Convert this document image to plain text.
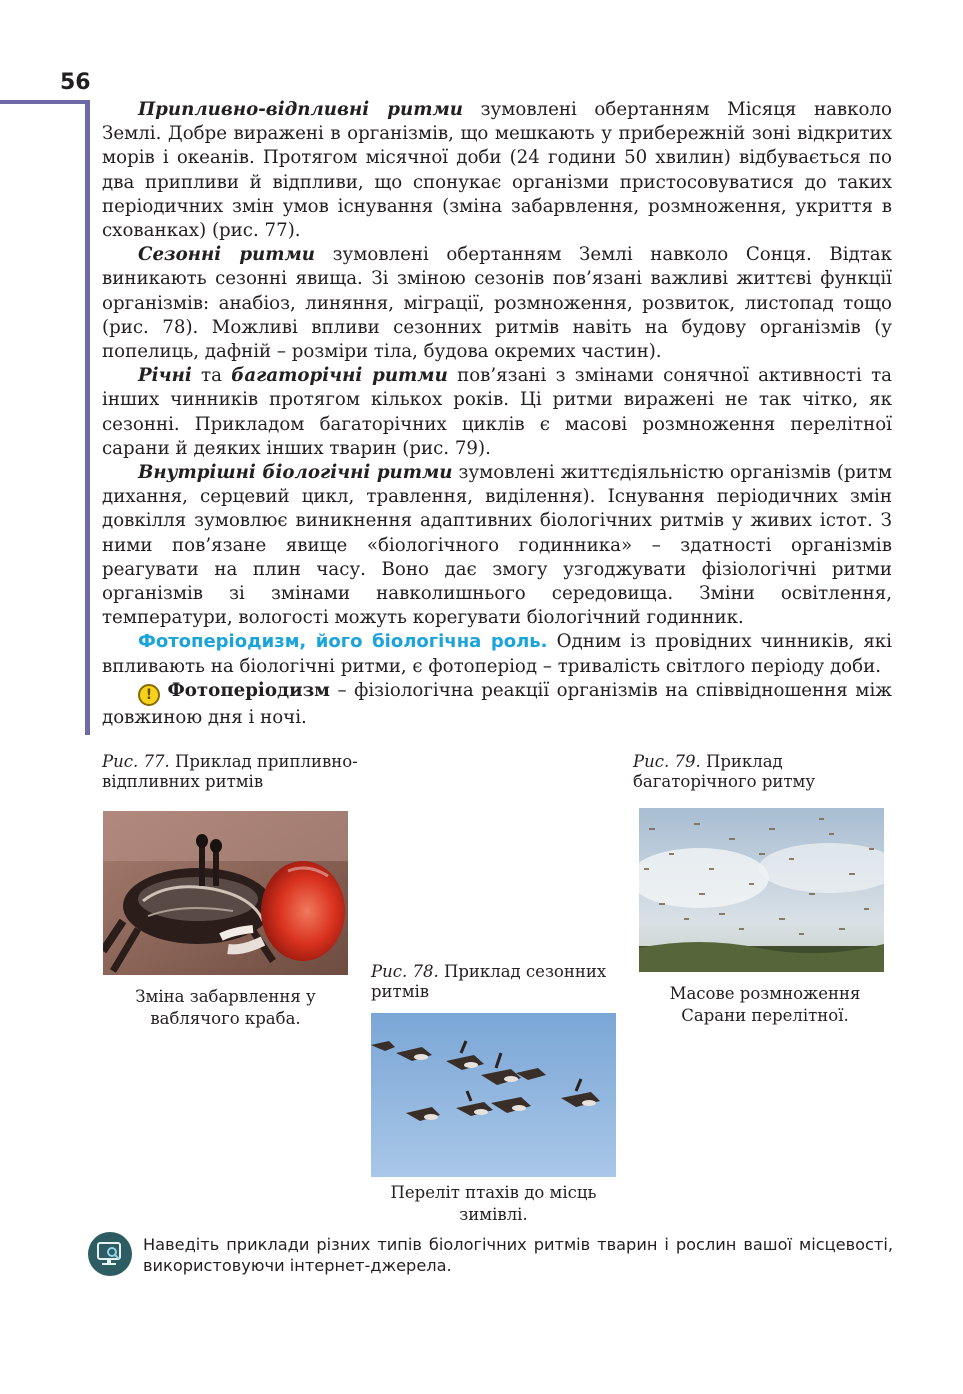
56

Припливно-відпливні ритми зумовлені обертанням Місяця навколо Землі. Добре виражені в організмів, що мешкають у прибережній зоні відкритих морів і океанів. Протягом місячної доби (24 години 50 хвилин) відбувається по два припливи й відпливи, що спонукає організми пристосовуватися до таких періодичних змін умов існування (зміна забарвлення, розмноження, укриття в схованках) (рис. 77).

Сезонні ритми зумовлені обертанням Землі навколо Сонця. Відтак виникають сезонні явища. Зі зміною сезонів пов’язані важливі життєві функції організмів: анабіоз, линяння, міграції, розмноження, розвиток, листопад тощо (рис. 78). Можливі впливи сезонних ритмів навіть на будову організмів (у попелиць, дафній – розміри тіла, будова окремих частин).

Річні та багаторічні ритми пов’язані з змінами сонячної активності та інших чинників протягом кількох років. Ці ритми виражені не так чітко, як сезонні. Прикладом багаторічних циклів є масові розмноження перелітної сарани й деяких інших тварин (рис. 79).

Внутрішні біологічні ритми зумовлені життєдіяльністю організмів (ритм дихання, серцевий цикл, травлення, виділення). Існування періодичних змін довкілля зумовлює виникнення адаптивних біологічних ритмів у живих істот. З ними пов’язане явище «біологічного годинника» – здатності організмів реагувати на плин часу. Воно дає змогу узгоджувати фізіологічні ритми організмів зі змінами навколишнього середовища. Зміни освітлення, температури, вологості можуть корегувати біологічний годинник.

Фотоперіодизм, його біологічна роль. Одним із провідних чинників, які впливають на біологічні ритми, є фотоперіод – тривалість світлого періоду доби.

! Фотоперіодизм – фізіологічна реакції організмів на співвідношення між довжиною дня і ночі.

Рис. 77. Приклад припливно-відпливних ритмів
Зміна забарвлення у ваблячого краба.
Рис. 78. Приклад сезонних ритмів
Переліт птахів до місць зимівлі.
Рис. 79. Приклад багаторічного ритму
Масове розмноження Сарани перелітної.
Наведіть приклади різних типів біологічних ритмів тварин і рослин вашої місцевості, використовуючи інтернет-джерела.
